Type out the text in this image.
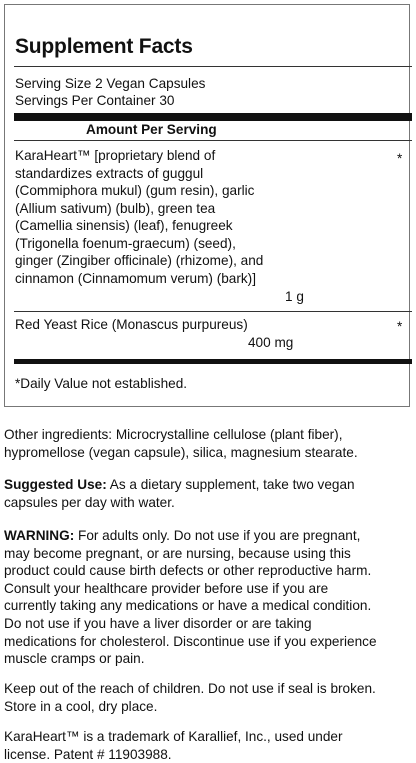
Supplement Facts
Serving Size 2 Vegan Capsules
Servings Per Container 30
Amount Per Serving
KaraHeart™ [proprietary blend of
standardizes extracts of guggul
(Commiphora mukul) (gum resin), garlic
(Allium sativum) (bulb), green tea
(Camellia sinensis) (leaf), fenugreek
(Trigonella foenum-graecum) (seed),
ginger (Zingiber officinale) (rhizome), and
cinnamon (Cinnamomum verum) (bark)]
1 g
*
Red Yeast Rice (Monascus purpureus)
400 mg
*
*Daily Value not established.
Other ingredients: Microcrystalline cellulose (plant fiber),
hypromellose (vegan capsule), silica, magnesium stearate.
Suggested Use: As a dietary supplement, take two vegan
capsules per day with water.
WARNING: For adults only. Do not use if you are pregnant,
may become pregnant, or are nursing, because using this
product could cause birth defects or other reproductive harm.
Consult your healthcare provider before use if you are
currently taking any medications or have a medical condition.
Do not use if you have a liver disorder or are taking
medications for cholesterol. Discontinue use if you experience
muscle cramps or pain.
Keep out of the reach of children. Do not use if seal is broken.
Store in a cool, dry place.
KaraHeart™ is a trademark of Karallief, Inc., used under
license. Patent # 11903988.
